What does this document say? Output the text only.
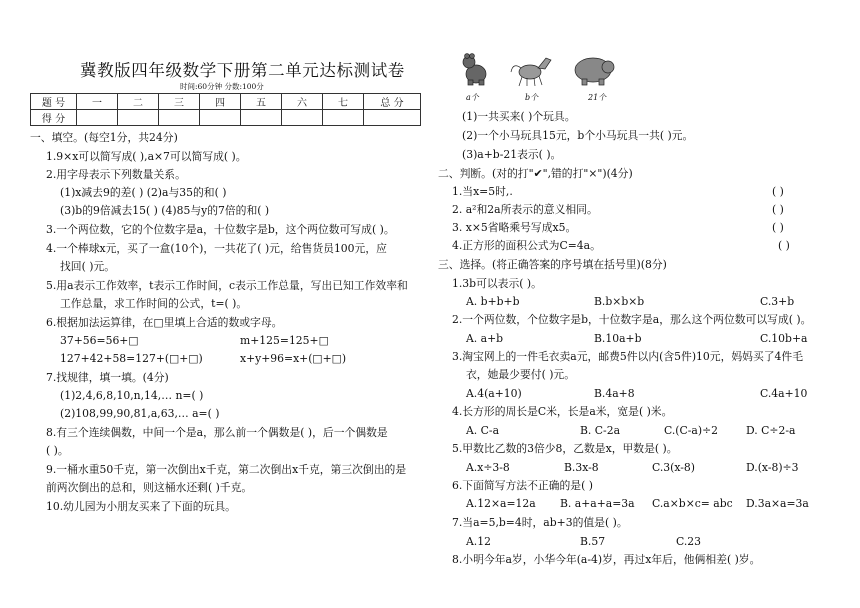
冀教版四年级数学下册第二单元达标测试卷
时间:60分钟 分数:100分
题 号	一	二	三	四	五	六	七	总 分
得 分								
一、填空。(每空1分，共24分)
1.9×x可以简写成( ),a×7可以简写成( )。
2.用字母表示下列数量关系。
(1)x减去9的差( ) (2)a与35的和( )
(3)b的9倍减去15( ) (4)85与y的7倍的和( )
3.一个两位数，它的个位数字是a，十位数字是b，这个两位数可写成( )。
4.一个棒球x元，买了一盒(10个)，一共花了( )元，给售货员100元，应
找回( )元。
5.用a表示工作效率，t表示工作时间，c表示工作总量，写出已知工作效率和
工作总量，求工作时间的公式，t=( )。
6.根据加法运算律，在□里填上合适的数或字母。
37+56=56+□	m+125=125+□
127+42+58=127+(□+□)	x+y+96=x+(□+□)
7.找规律，填一填。(4分)
(1)2,4,6,8,10,n,14,… n=( )
(2)108,99,90,81,a,63,… a=( )
8.有三个连续偶数，中间一个是a，那么前一个偶数是( )，后一个偶数是
( )。
9.一桶水重50千克，第一次倒出x千克，第二次倒出x千克，第三次倒出的是
前两次倒出的总和，则这桶水还剩( )千克。
10.幼儿园为小朋友买来了下面的玩具。
a个	b个	21个
(1)一共买来( )个玩具。
(2)一个小马玩具15元，b个小马玩具一共( )元。
(3)a+b-21表示( )。
二、判断。(对的打"✔",错的打"×")(4分)
1.当x=5时,.	( )
2. a²和2a所表示的意义相同。	( )
3. x×5省略乘号写成x5。	( )
4.正方形的面积公式为C=4a。	( )
三、选择。(将正确答案的序号填在括号里)(8分)
1.3b可以表示( )。
A. b+b+b	B.b×b×b	C.3+b
2.一个两位数，个位数字是b，十位数字是a，那么这个两位数可以写成( )。
A. a+b	B.10a+b	C.10b+a
3.淘宝网上的一件毛衣卖a元，邮费5件以内(含5件)10元，妈妈买了4件毛
衣，她最少要付( )元。
A.4(a+10)	B.4a+8	C.4a+10
4.长方形的周长是C米，长是a米，宽是( )米。
A. C-a	B. C-2a	C.(C-a)÷2	D. C÷2-a
5.甲数比乙数的3倍少8，乙数是x，甲数是( )。
A.x÷3-8	B.3x-8	C.3(x-8)	D.(x-8)÷3
6.下面简写方法不正确的是( )
A.12×a=12a B. a+a+a=3a C.a×b×c= abc D.3a×a=3a
7.当a=5,b=4时，ab+3的值是( )。
A.12	B.57	C.23
8.小明今年a岁，小华今年(a-4)岁，再过x年后，他俩相差( )岁。
